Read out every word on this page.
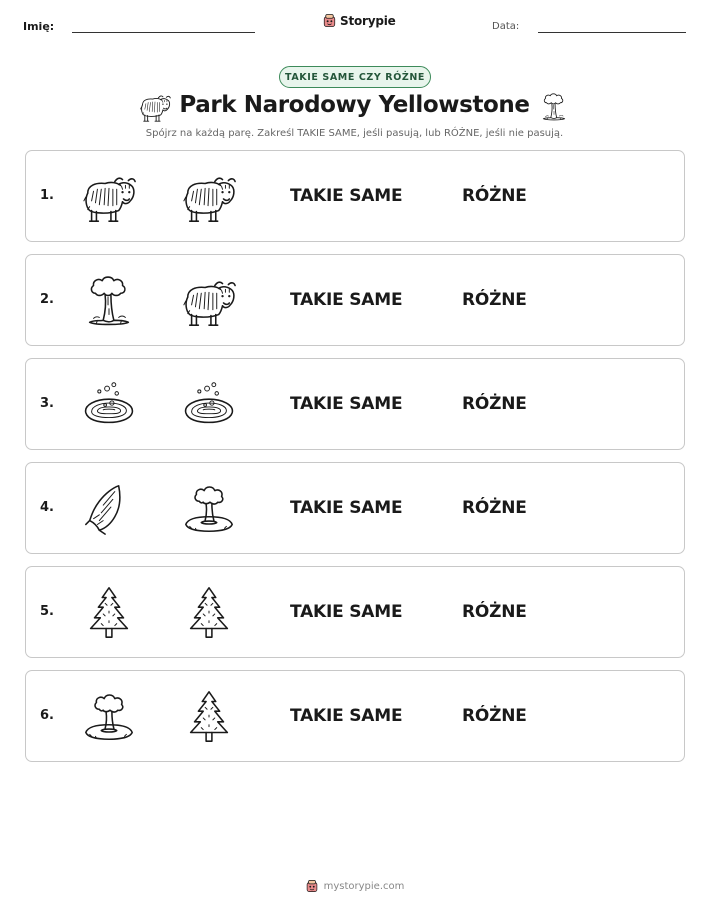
Imię:	Storypie	Data:
TAKIE SAME CZY RÓŻNE
Park Narodowy Yellowstone
Spójrz na każdą parę. Zakreśl TAKIE SAME, jeśli pasują, lub RÓŻNE, jeśli nie pasują.
1.	TAKIE SAME	RÓŻNE
2.	TAKIE SAME	RÓŻNE
3.	TAKIE SAME	RÓŻNE
4.	TAKIE SAME	RÓŻNE
5.	TAKIE SAME	RÓŻNE
6.	TAKIE SAME	RÓŻNE
mystorypie.com
